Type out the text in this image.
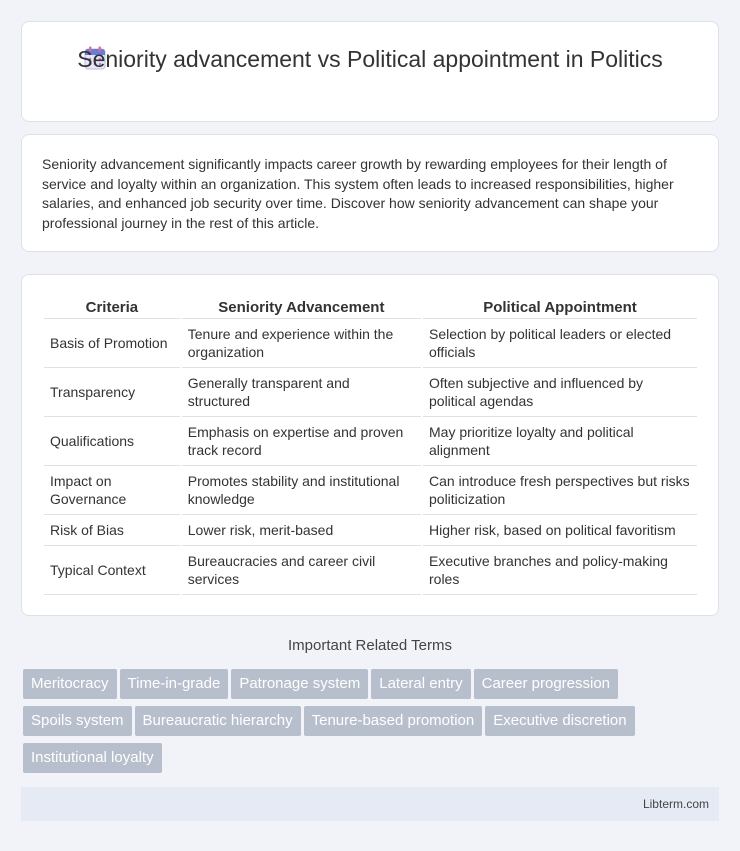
Seniority advancement vs Political appointment in Politics

Seniority advancement significantly impacts career growth by rewarding employees for their length of service and loyalty within an organization. This system often leads to increased responsibilities, higher salaries, and enhanced job security over time. Discover how seniority advancement can shape your professional journey in the rest of this article.

Criteria	Seniority Advancement	Political Appointment
Basis of Promotion	Tenure and experience within the organization	Selection by political leaders or elected officials
Transparency	Generally transparent and structured	Often subjective and influenced by political agendas
Qualifications	Emphasis on expertise and proven track record	May prioritize loyalty and political alignment
Impact on Governance	Promotes stability and institutional knowledge	Can introduce fresh perspectives but risks politicization
Risk of Bias	Lower risk, merit-based	Higher risk, based on political favoritism
Typical Context	Bureaucracies and career civil services	Executive branches and policy-making roles
Important Related Terms
Meritocracy Time-in-grade Patronage system Lateral entry Career progression
Spoils system Bureaucratic hierarchy Tenure-based promotion Executive discretion
Institutional loyalty
Libterm.com
